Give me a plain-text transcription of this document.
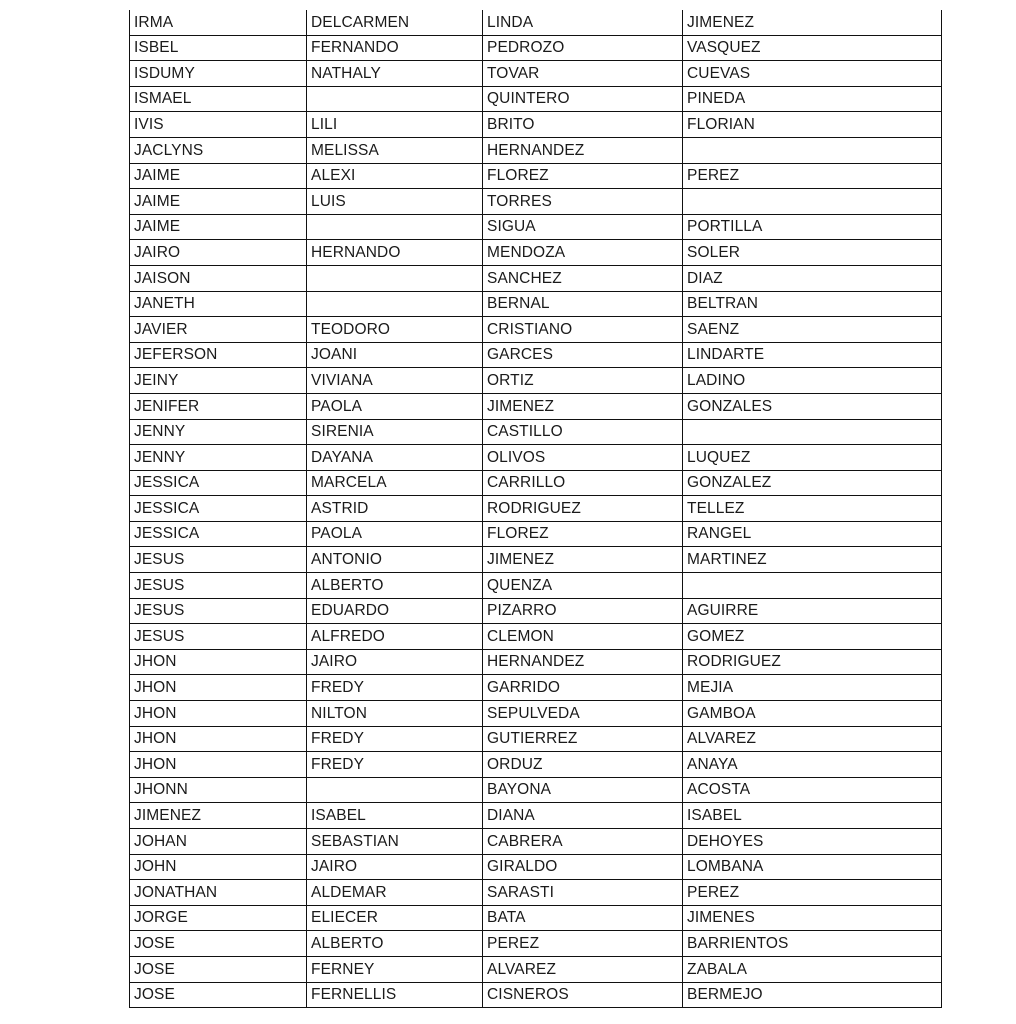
IRMA	DELCARMEN	LINDA	JIMENEZ
ISBEL	FERNANDO	PEDROZO	VASQUEZ
ISDUMY	NATHALY	TOVAR	CUEVAS
ISMAEL		QUINTERO	PINEDA
IVIS	LILI	BRITO	FLORIAN
JACLYNS	MELISSA	HERNANDEZ	
JAIME	ALEXI	FLOREZ	PEREZ
JAIME	LUIS	TORRES	
JAIME		SIGUA	PORTILLA
JAIRO	HERNANDO	MENDOZA	SOLER
JAISON		SANCHEZ	DIAZ
JANETH		BERNAL	BELTRAN
JAVIER	TEODORO	CRISTIANO	SAENZ
JEFERSON	JOANI	GARCES	LINDARTE
JEINY	VIVIANA	ORTIZ	LADINO
JENIFER	PAOLA	JIMENEZ	GONZALES
JENNY	SIRENIA	CASTILLO	
JENNY	DAYANA	OLIVOS	LUQUEZ
JESSICA	MARCELA	CARRILLO	GONZALEZ
JESSICA	ASTRID	RODRIGUEZ	TELLEZ
JESSICA	PAOLA	FLOREZ	RANGEL
JESUS	ANTONIO	JIMENEZ	MARTINEZ
JESUS	ALBERTO	QUENZA	
JESUS	EDUARDO	PIZARRO	AGUIRRE
JESUS	ALFREDO	CLEMON	GOMEZ
JHON	JAIRO	HERNANDEZ	RODRIGUEZ
JHON	FREDY	GARRIDO	MEJIA
JHON	NILTON	SEPULVEDA	GAMBOA
JHON	FREDY	GUTIERREZ	ALVAREZ
JHON	FREDY	ORDUZ	ANAYA
JHONN		BAYONA	ACOSTA
JIMENEZ	ISABEL	DIANA	ISABEL
JOHAN	SEBASTIAN	CABRERA	DEHOYES
JOHN	JAIRO	GIRALDO	LOMBANA
JONATHAN	ALDEMAR	SARASTI	PEREZ
JORGE	ELIECER	BATA	JIMENES
JOSE	ALBERTO	PEREZ	BARRIENTOS
JOSE	FERNEY	ALVAREZ	ZABALA
JOSE	FERNELLIS	CISNEROS	BERMEJO
